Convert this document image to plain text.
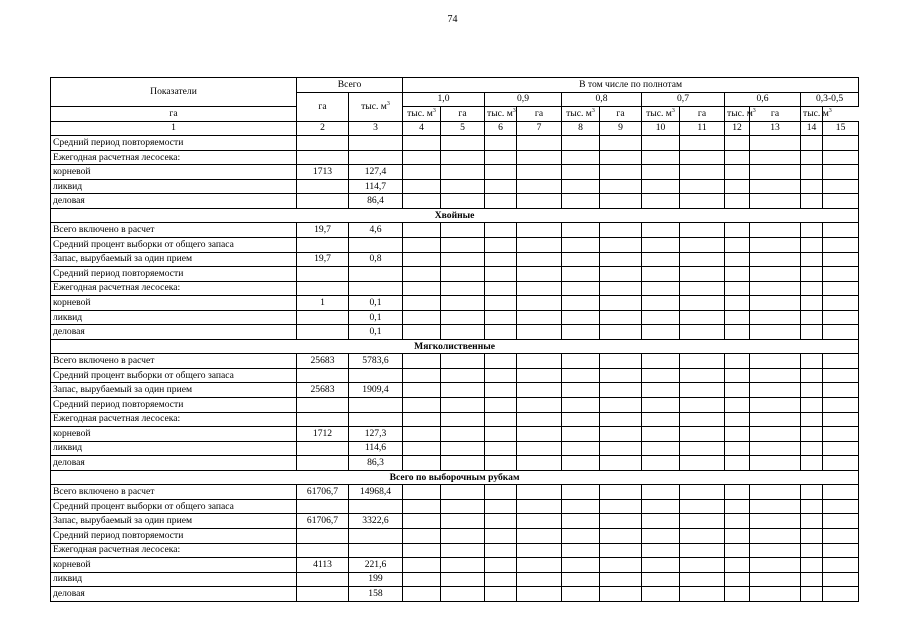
74
Показатели	Всего		В том числе по полнотам											
	га	тыс. $м^3$	1,0		0,9		0,8		0,7		0,6		0,3-0,5	
га			тыс. $м^3$	га	тыс. $м^3$	га	тыс. $м^3$	га	тыс. $м^3$	га	тыс. $м^3$	га	тыс. $м^3$
1	2	3	4	5	6	7	8	9	10	11	12	13	14	15
Средний период повторяемости														
Ежегодная расчетная лесосека:														
корневой	1713	127,4												
ликвид		114,7												
деловая		86,4												
Хвойные														
Всего включено в расчет	19,7	4,6												
Средний процент выборки от общего запаса														
Запас, вырубаемый за один прием	19,7	0,8												
Средний период повторяемости														
Ежегодная расчетная лесосека:														
корневой	1	0,1												
ликвид		0,1												
деловая		0,1												
Мягколиственные														
Всего включено в расчет	25683	5783,6												
Средний процент выборки от общего запаса														
Запас, вырубаемый за один прием	25683	1909,4												
Средний период повторяемости														
Ежегодная расчетная лесосека:														
корневой	1712	127,3												
ликвид		114,6												
деловая		86,3												
Всего по выборочным рубкам														
Всего включено в расчет	61706,7	14968,4												
Средний процент выборки от общего запаса														
Запас, вырубаемый за один прием	61706,7	3322,6												
Средний период повторяемости														
Ежегодная расчетная лесосека:														
корневой	4113	221,6												
ликвид		199												
деловая		158												
